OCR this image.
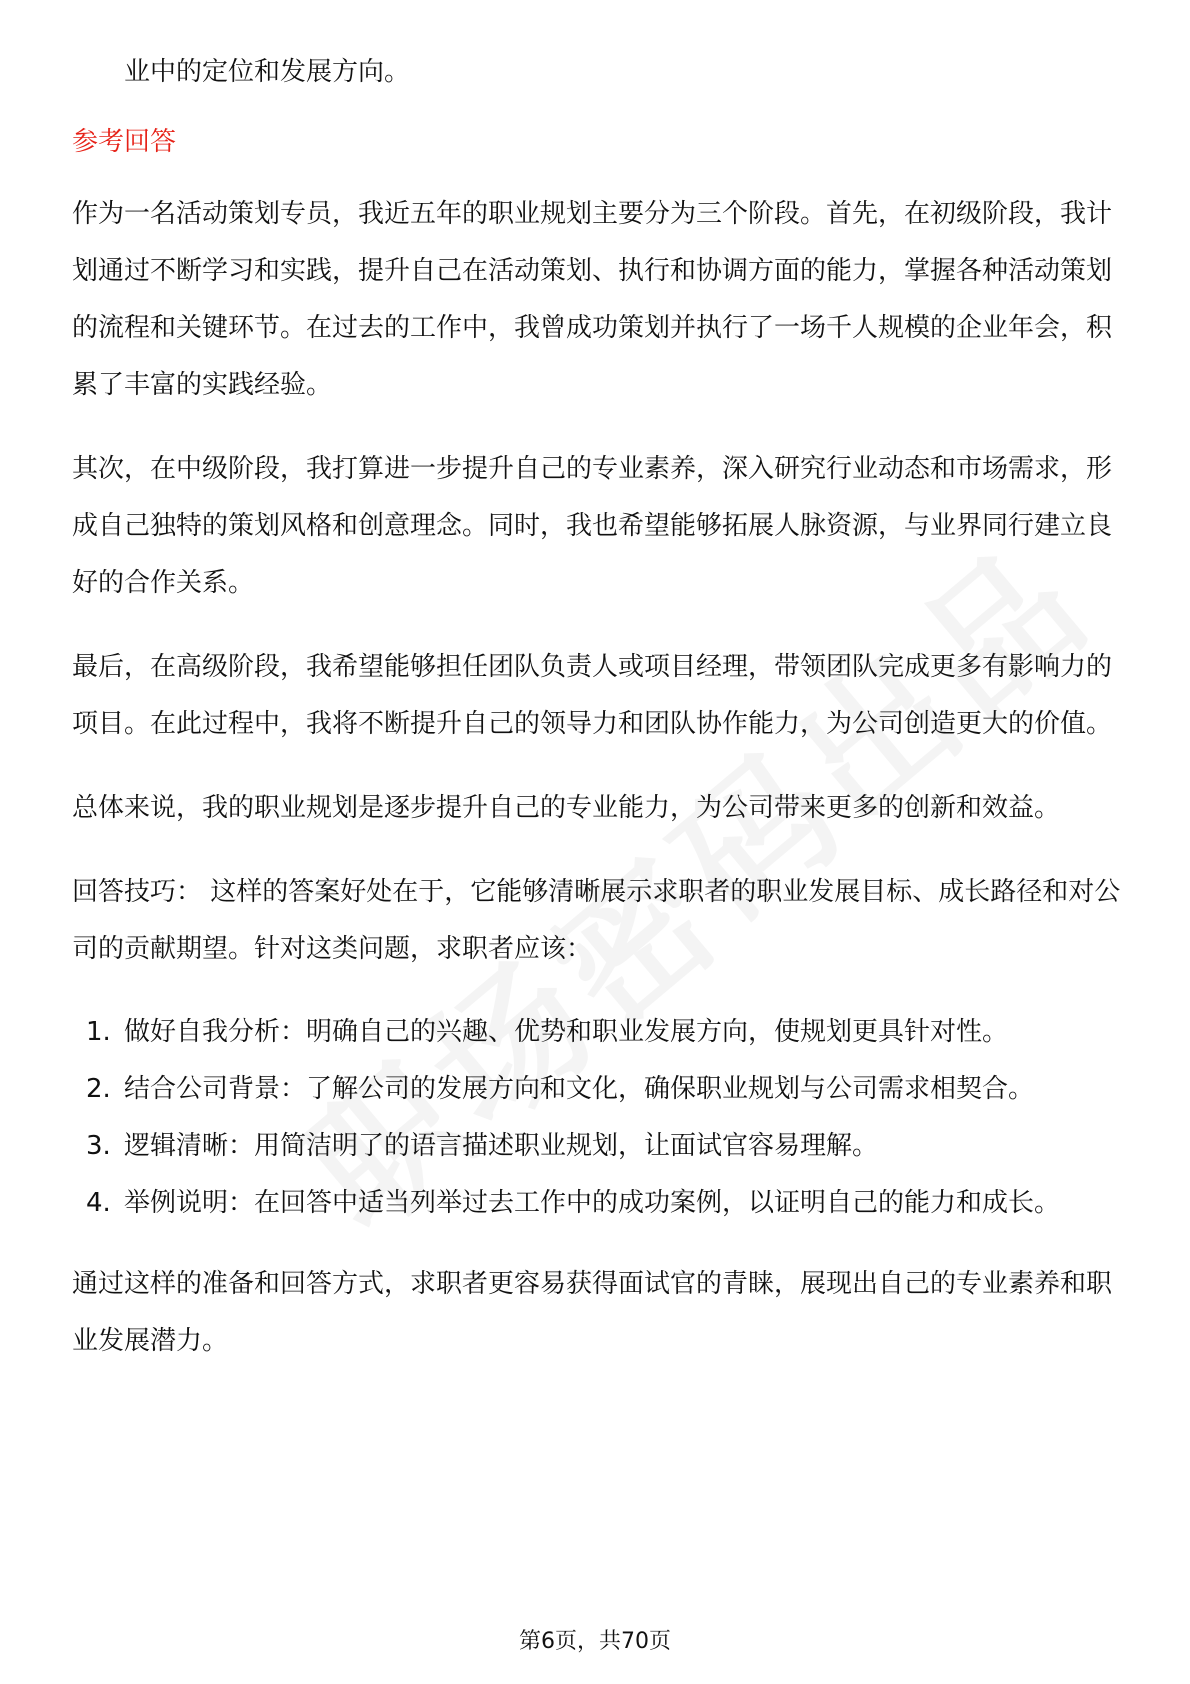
业中的定位和发展方向。

参考回答

作为一名活动策划专员，我近五年的职业规划主要分为三个阶段。首先，在初级阶段，我计划通过不断学习和实践，提升自己在活动策划、执行和协调方面的能力，掌握各种活动策划的流程和关键环节。在过去的工作中，我曾成功策划并执行了一场千人规模的企业年会，积累了丰富的实践经验。

其次，在中级阶段，我打算进一步提升自己的专业素养，深入研究行业动态和市场需求，形成自己独特的策划风格和创意理念。同时，我也希望能够拓展人脉资源，与业界同行建立良好的合作关系。

最后，在高级阶段，我希望能够担任团队负责人或项目经理，带领团队完成更多有影响力的项目。在此过程中，我将不断提升自己的领导力和团队协作能力，为公司创造更大的价值。

总体来说，我的职业规划是逐步提升自己的专业能力，为公司带来更多的创新和效益。

回答技巧： 这样的答案好处在于，它能够清晰展示求职者的职业发展目标、成长路径和对公司的贡献期望。针对这类问题，求职者应该：

1. 做好自我分析：明确自己的兴趣、优势和职业发展方向，使规划更具针对性。
2. 结合公司背景：了解公司的发展方向和文化，确保职业规划与公司需求相契合。
3. 逻辑清晰：用简洁明了的语言描述职业规划，让面试官容易理解。
4. 举例说明：在回答中适当列举过去工作中的成功案例，以证明自己的能力和成长。

通过这样的准备和回答方式，求职者更容易获得面试官的青睐，展现出自己的专业素养和职业发展潜力。

第6页，共70页
